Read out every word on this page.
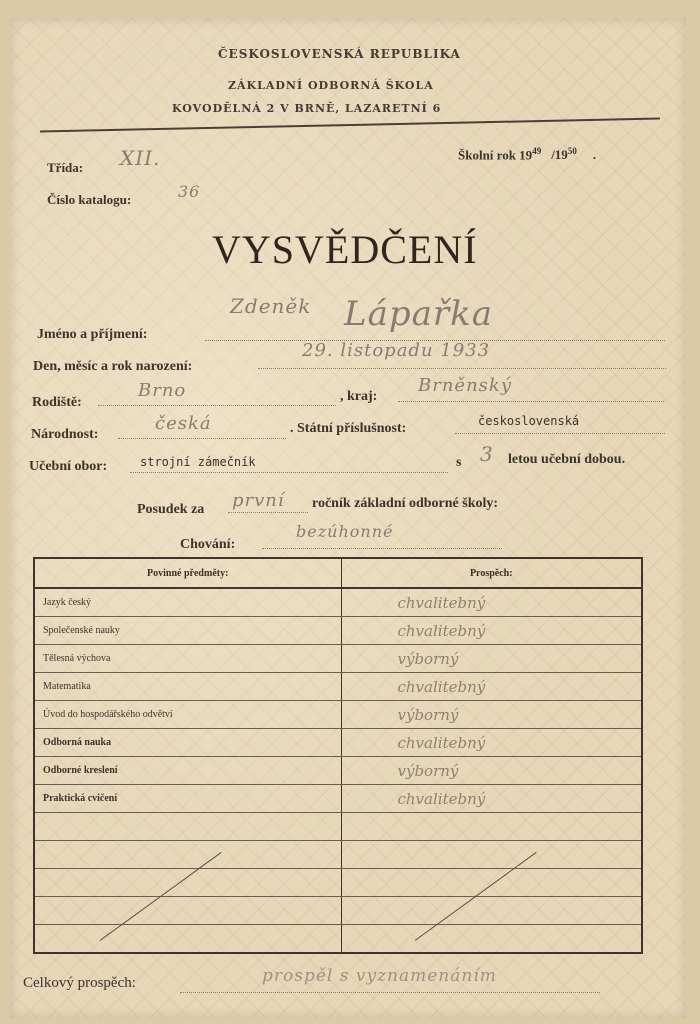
ČESKOSLOVENSKÁ REPUBLIKA
ZÁKLADNÍ ODBORNÁ ŠKOLA
KOVODĚLNÁ 2 V BRNĚ, LAZARETNÍ 6
Třída: XII.
Číslo katalogu:	36
Školní rok $19^{49}$ $/19^{50}$ .
VYSVĚDČENÍ
Jméno a příjmení:
Zdeněk Lápařka
Den, měsíc a rok narození:
29. listopadu 1933
Rodiště:
Brno	, kraj:
Brněnský
Národnost:
česká	. Státní příslušnost:	československá
Učební obor:	strojní zámečník	s 3 letou učební dobou.
Posudek za první ročník základní odborné školy:
Chování:
bezúhonné
Povinné předměty:	Prospěch:
Jazyk český	chvalitebný
Společenské nauky	chvalitebný
Tělesná výchova	výborný
Matematika	chvalitebný
Úvod do hospodářského odvětví	výborný
Odborná nauka	chvalitebný
Odborné kreslení	výborný
Praktická cvičení	chvalitebný

Celkový prospěch:	prospěl s vyznamenáním
